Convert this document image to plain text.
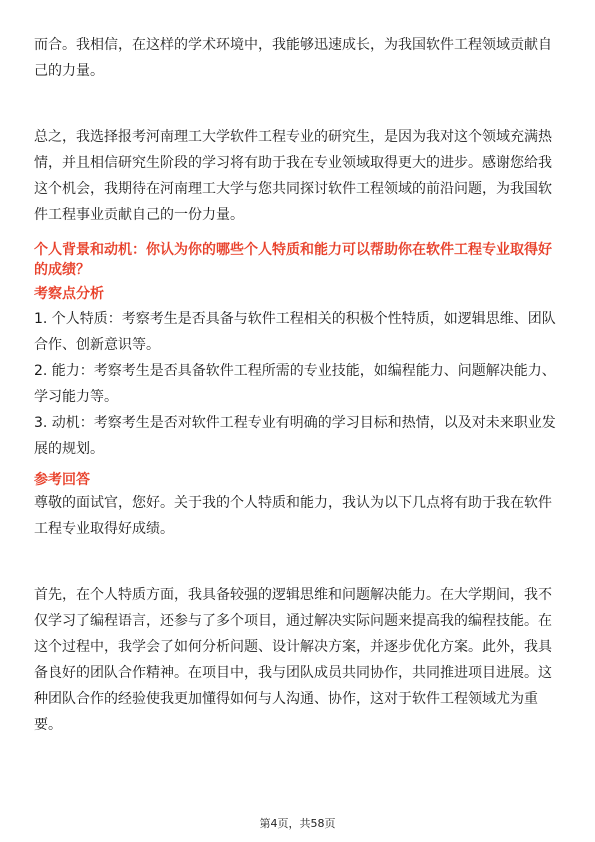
而合。我相信，在这样的学术环境中，我能够迅速成长，为我国软件工程领域贡献自己的力量。

总之，我选择报考河南理工大学软件工程专业的研究生，是因为我对这个领域充满热情，并且相信研究生阶段的学习将有助于我在专业领域取得更大的进步。感谢您给我这个机会，我期待在河南理工大学与您共同探讨软件工程领域的前沿问题，为我国软件工程事业贡献自己的一份力量。

个人背景和动机：你认为你的哪些个人特质和能力可以帮助你在软件工程专业取得好的成绩？

考察点分析

1. 个人特质：考察考生是否具备与软件工程相关的积极个性特质，如逻辑思维、团队合作、创新意识等。

2. 能力：考察考生是否具备软件工程所需的专业技能，如编程能力、问题解决能力、学习能力等。

3. 动机：考察考生是否对软件工程专业有明确的学习目标和热情，以及对未来职业发展的规划。

参考回答

尊敬的面试官，您好。关于我的个人特质和能力，我认为以下几点将有助于我在软件工程专业取得好成绩。

首先，在个人特质方面，我具备较强的逻辑思维和问题解决能力。在大学期间，我不仅学习了编程语言，还参与了多个项目，通过解决实际问题来提高我的编程技能。在这个过程中，我学会了如何分析问题、设计解决方案，并逐步优化方案。此外，我具备良好的团队合作精神。在项目中，我与团队成员共同协作，共同推进项目进展。这种团队合作的经验使我更加懂得如何与人沟通、协作，这对于软件工程领域尤为重要。

第4页，共58页
